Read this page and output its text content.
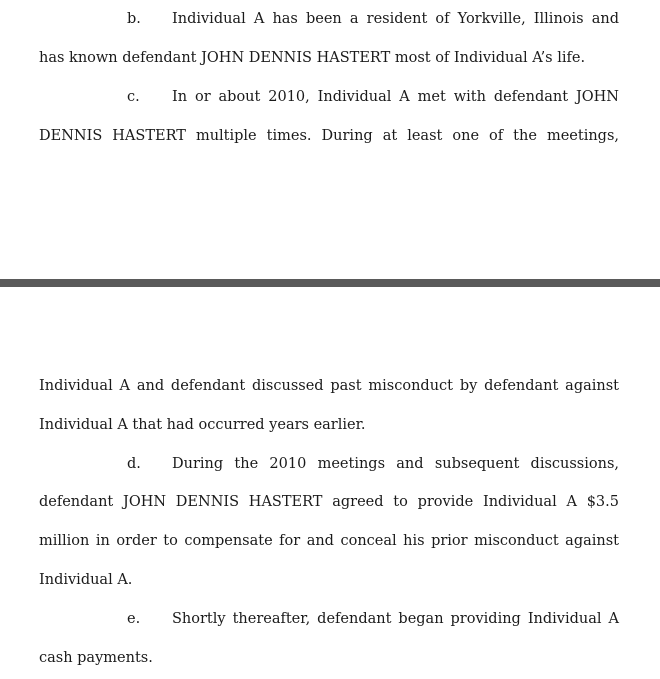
b. Individual A has been a resident of Yorkville, Illinois and
has known defendant JOHN DENNIS HASTERT most of Individual A’s life.
c. In or about 2010, Individual A met with defendant JOHN
DENNIS HASTERT multiple times. During at least one of the meetings,
Individual A and defendant discussed past misconduct by defendant against
Individual A that had occurred years earlier.
d. During the 2010 meetings and subsequent discussions,
defendant JOHN DENNIS HASTERT agreed to provide Individual A $3.5
million in order to compensate for and conceal his prior misconduct against
Individual A.
e. Shortly thereafter, defendant began providing Individual A
cash payments.
